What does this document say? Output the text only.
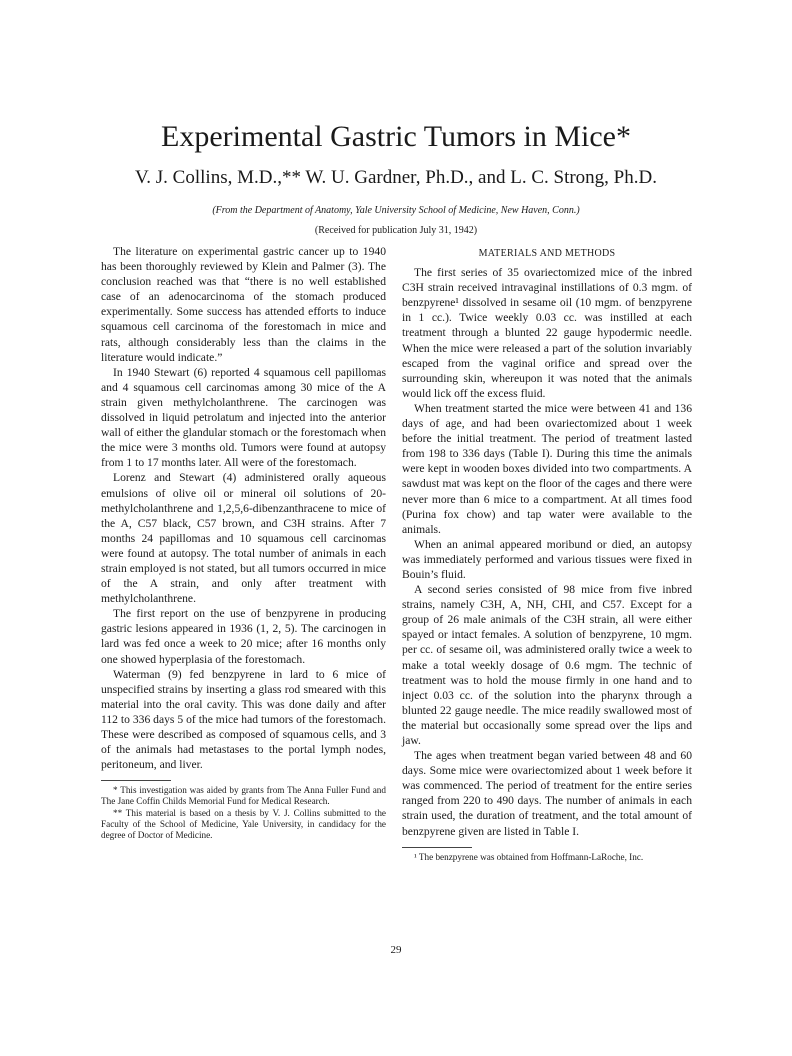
Experimental Gastric Tumors in Mice*
V. J. Collins, M.D.,** W. U. Gardner, Ph.D., and L. C. Strong, Ph.D.
(From the Department of Anatomy, Yale University School of Medicine, New Haven, Conn.)
(Received for publication July 31, 1942)

The literature on experimental gastric cancer up to 1940 has been thoroughly reviewed by Klein and Palmer (3). The conclusion reached was that “there is no well established case of an adenocarcinoma of the stomach produced experimentally. Some success has attended efforts to induce squamous cell carcinoma of the forestomach in mice and rats, although considerably less than the claims in the literature would indicate.”

In 1940 Stewart (6) reported 4 squamous cell papillomas and 4 squamous cell carcinomas among 30 mice of the A strain given methylcholanthrene. The carcinogen was dissolved in liquid petrolatum and injected into the anterior wall of either the glandular stomach or the forestomach when the mice were 3 months old. Tumors were found at autopsy from 1 to 17 months later. All were of the forestomach.

Lorenz and Stewart (4) administered orally aqueous emulsions of olive oil or mineral oil solutions of 20-methylcholanthrene and 1,2,5,6-dibenzanthracene to mice of the A, C57 black, C57 brown, and C3H strains. After 7 months 24 papillomas and 10 squamous cell carcinomas were found at autopsy. The total number of animals in each strain employed is not stated, but all tumors occurred in mice of the A strain, and only after treatment with methylcholanthrene.

The first report on the use of benzpyrene in producing gastric lesions appeared in 1936 (1, 2, 5). The carcinogen in lard was fed once a week to 20 mice; after 16 months only one showed hyperplasia of the forestomach.

Waterman (9) fed benzpyrene in lard to 6 mice of unspecified strains by inserting a glass rod smeared with this material into the oral cavity. This was done daily and after 112 to 336 days 5 of the mice had tumors of the forestomach. These were described as composed of squamous cells, and 3 of the animals had metastases to the portal lymph nodes, peritoneum, and liver.

* This investigation was aided by grants from The Anna Fuller Fund and The Jane Coffin Childs Memorial Fund for Medical Research.

** This material is based on a thesis by V. J. Collins submitted to the Faculty of the School of Medicine, Yale University, in candidacy for the degree of Doctor of Medicine.

MATERIALS AND METHODS

The first series of 35 ovariectomized mice of the inbred C3H strain received intravaginal instillations of 0.3 mgm. of benzpyrene¹ dissolved in sesame oil (10 mgm. of benzpyrene in 1 cc.). Twice weekly 0.03 cc. was instilled at each treatment through a blunted 22 gauge hypodermic needle. When the mice were released a part of the solution invariably escaped from the vaginal orifice and spread over the surrounding skin, whereupon it was noted that the animals would lick off the excess fluid.

When treatment started the mice were between 41 and 136 days of age, and had been ovariectomized about 1 week before the initial treatment. The period of treatment lasted from 198 to 336 days (Table I). During this time the animals were kept in wooden boxes divided into two compartments. A sawdust mat was kept on the floor of the cages and there were never more than 6 mice to a compartment. At all times food (Purina fox chow) and tap water were available to the animals.

When an animal appeared moribund or died, an autopsy was immediately performed and various tissues were fixed in Bouin’s fluid.

A second series consisted of 98 mice from five inbred strains, namely C3H, A, NH, CHI, and C57. Except for a group of 26 male animals of the C3H strain, all were either spayed or intact females. A solution of benzpyrene, 10 mgm. per cc. of sesame oil, was administered orally twice a week to make a total weekly dosage of 0.6 mgm. The technic of treatment was to hold the mouse firmly in one hand and to inject 0.03 cc. of the solution into the pharynx through a blunted 22 gauge needle. The mice readily swallowed most of the material but occasionally some spread over the lips and jaw.

The ages when treatment began varied between 48 and 60 days. Some mice were ovariectomized about 1 week before it was commenced. The period of treatment for the entire series ranged from 220 to 490 days. The number of animals in each strain used, the duration of treatment, and the total amount of benzpyrene given are listed in Table I.

¹ The benzpyrene was obtained from Hoffmann-LaRoche, Inc.

29
